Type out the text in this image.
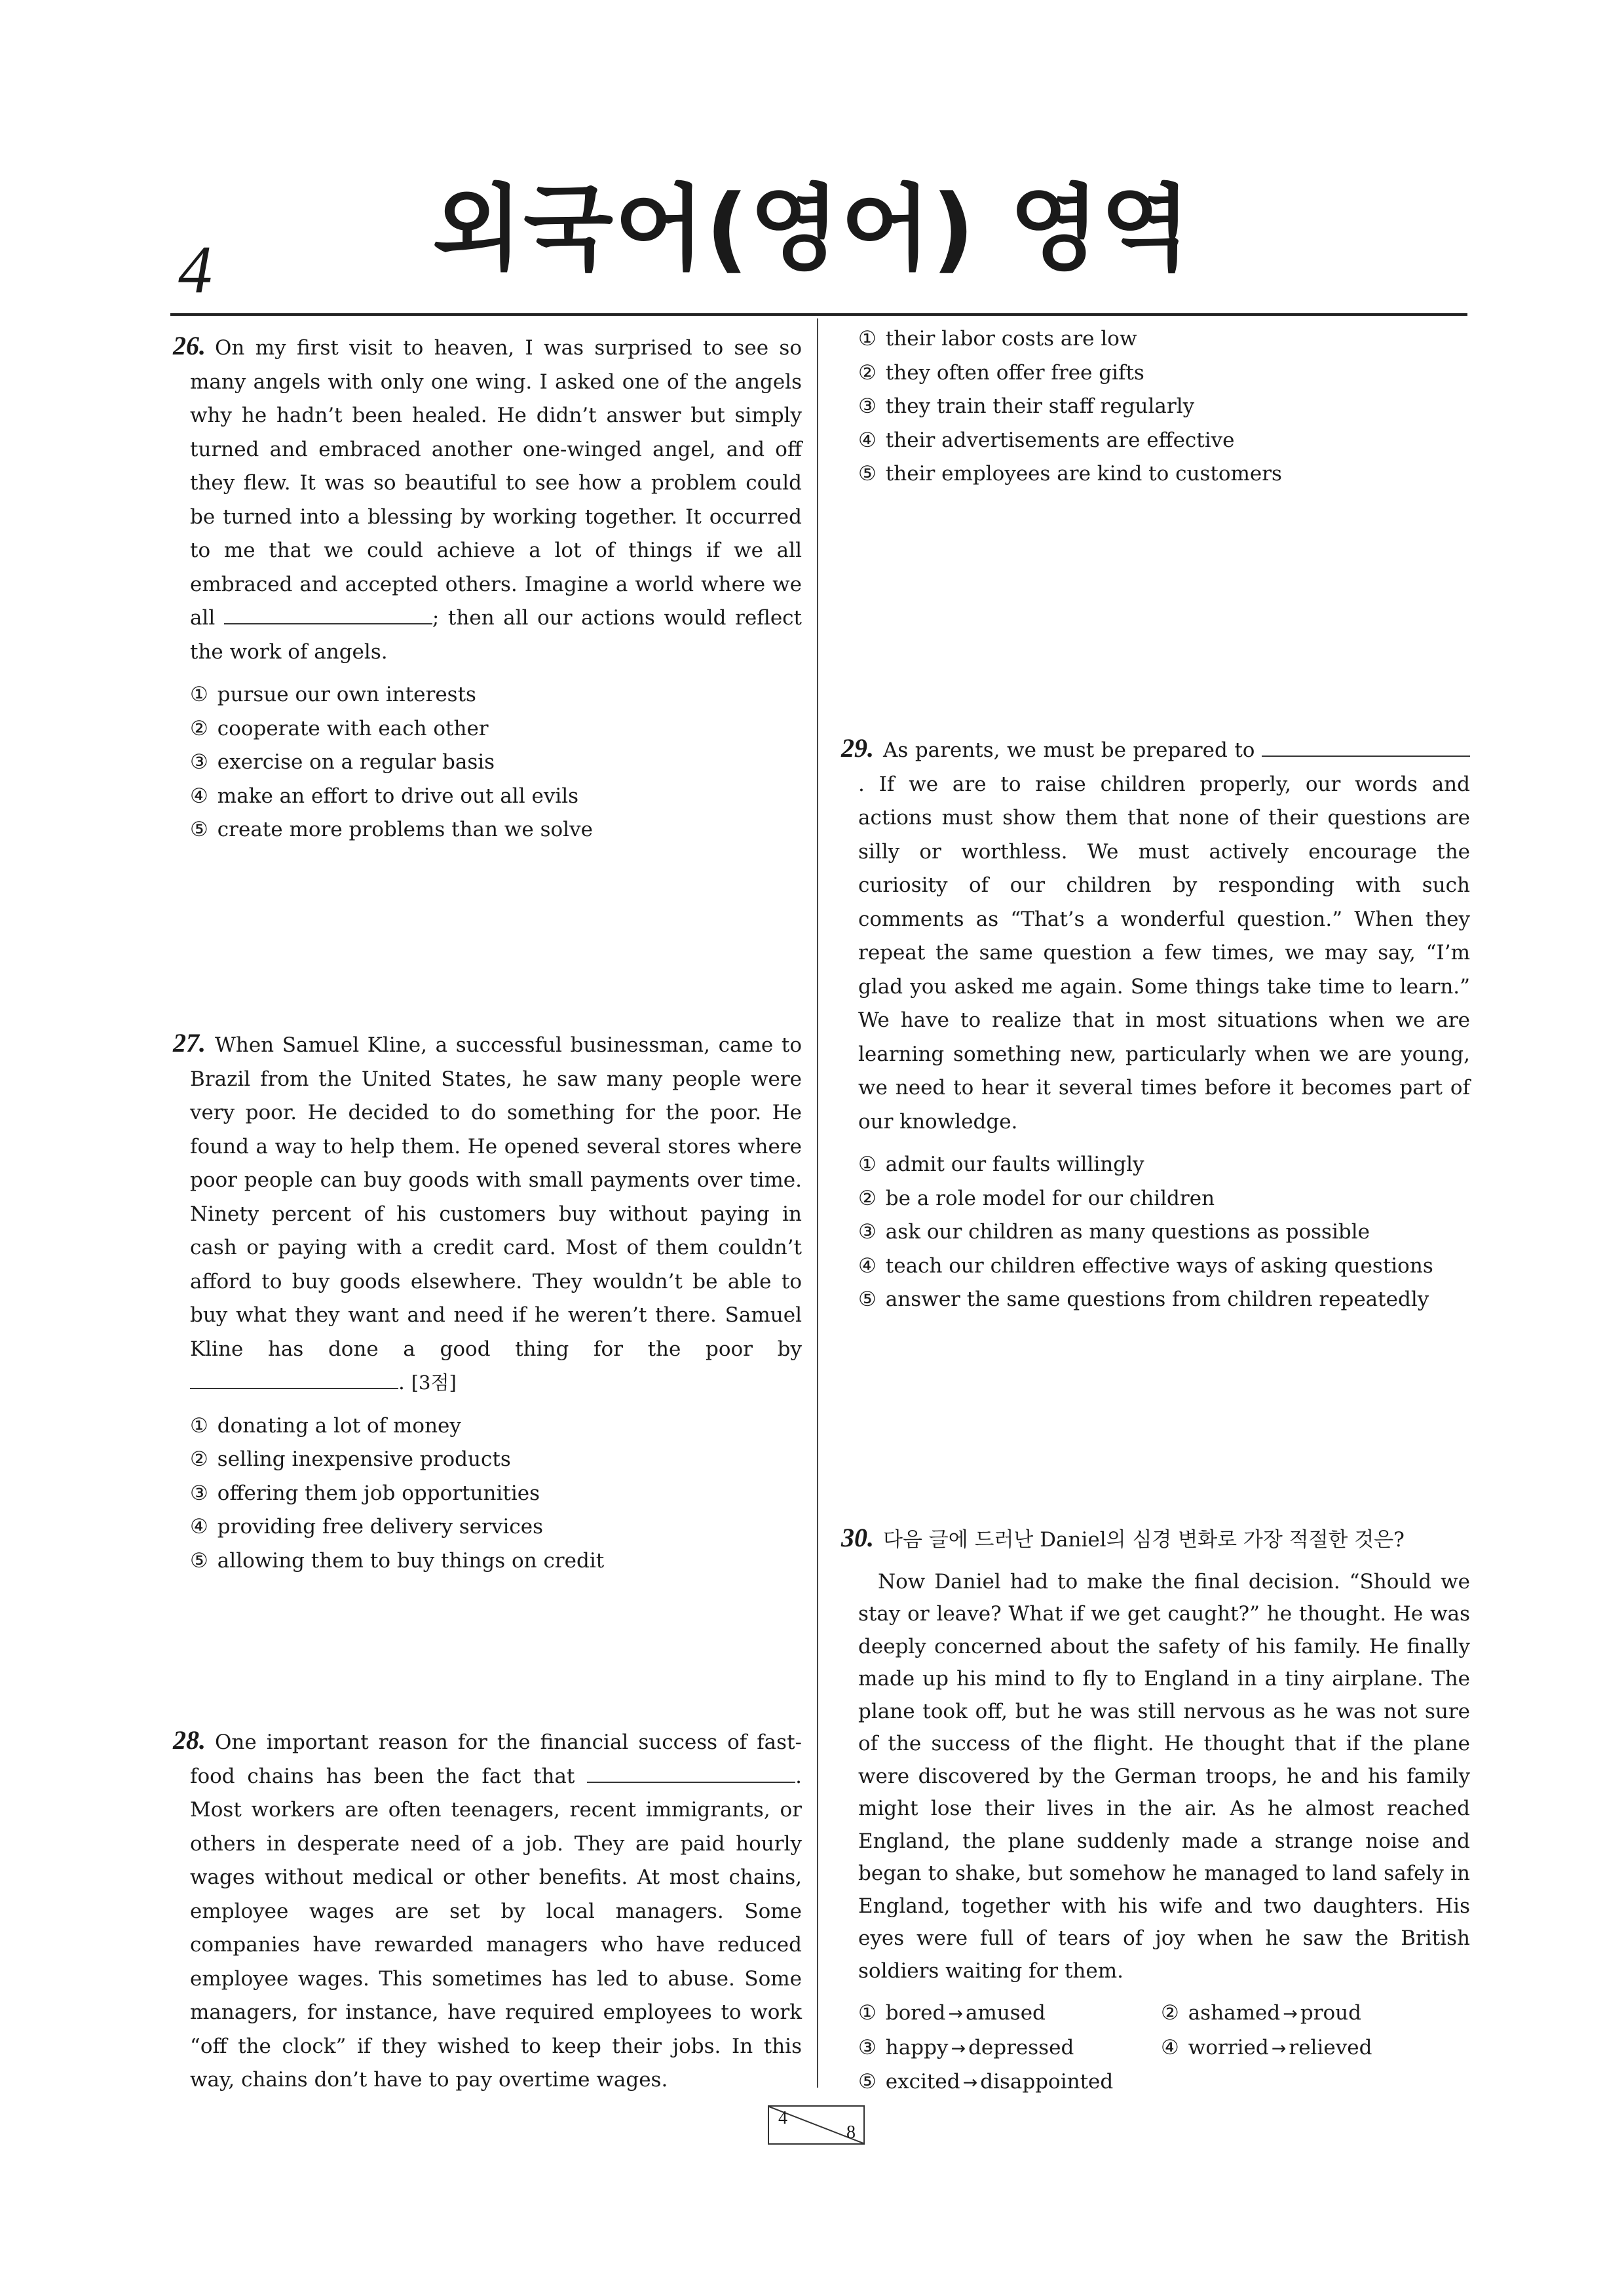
4	외국어(영어) 영역

26. On my first visit to heaven, I was surprised to see so many angels with only one wing. I asked one of the angels why he hadn’t been healed. He didn’t answer but simply turned and embraced another one-winged angel, and off they flew. It was so beautiful to see how a problem could be turned into a blessing by working together. It occurred to me that we could achieve a lot of things if we all embraced and accepted others. Imagine a world where we all	; then all our actions would reflect the work of angels.

① pursue our own interests
② cooperate with each other
③ exercise on a regular basis
④ make an effort to drive out all evils
⑤ create more problems than we solve

27. When Samuel Kline, a successful businessman, came to Brazil from the United States, he saw many people were very poor. He decided to do something for the poor. He found a way to help them. He opened several stores where poor people can buy goods with small payments over time. Ninety percent of his customers buy without paying in cash or paying with a credit card. Most of them couldn’t afford to buy goods elsewhere. They wouldn’t be able to buy what they want and need if he weren’t there. Samuel Kline has done a good thing for the poor by . [3점]

① donating a lot of money
② selling inexpensive products
③ offering them job opportunities
④ providing free delivery services
⑤ allowing them to buy things on credit

28. One important reason for the financial success of fast-food chains has been the fact that	. Most workers are often teenagers, recent immigrants, or others in desperate need of a job. They are paid hourly wages without medical or other benefits. At most chains, employee wages are set by local managers. Some companies have rewarded managers who have reduced employee wages. This sometimes has led to abuse. Some managers, for instance, have required employees to work “off the clock” if they wished to keep their jobs. In this way, chains don’t have to pay overtime wages.

① their labor costs are low
② they often offer free gifts
③ they train their staff regularly
④ their advertisements are effective
⑤ their employees are kind to customers

29. As parents, we must be prepared to . If we are to raise children properly, our words and actions must show them that none of their questions are silly or worthless. We must actively encourage the curiosity of our children by responding with such comments as “That’s a wonderful question.” When they repeat the same question a few times, we may say, “I’m glad you asked me again. Some things take time to learn.” We have to realize that in most situations when we are learning something new, particularly when we are young, we need to hear it several times before it becomes part of our knowledge.

① admit our faults willingly
② be a role model for our children
③ ask our children as many questions as possible
④ teach our children effective ways of asking questions
⑤ answer the same questions from children repeatedly

30. 다음 글에 드러난 Daniel의 심경 변화로 가장 적절한 것은?

Now Daniel had to make the final decision. “Should we stay or leave? What if we get caught?” he thought. He was deeply concerned about the safety of his family. He finally made up his mind to fly to England in a tiny airplane. The plane took off, but he was still nervous as he was not sure of the success of the flight. He thought that if the plane were discovered by the German troops, he and his family might lose their lives in the air. As he almost reached England, the plane suddenly made a strange noise and began to shake, but somehow he managed to land safely in England, together with his wife and two daughters. His eyes were full of tears of joy when he saw the British soldiers waiting for them.

① bored → amused	② ashamed → proud
③ happy → depressed	④ worried → relieved
⑤ excited → disappointed
4
8
